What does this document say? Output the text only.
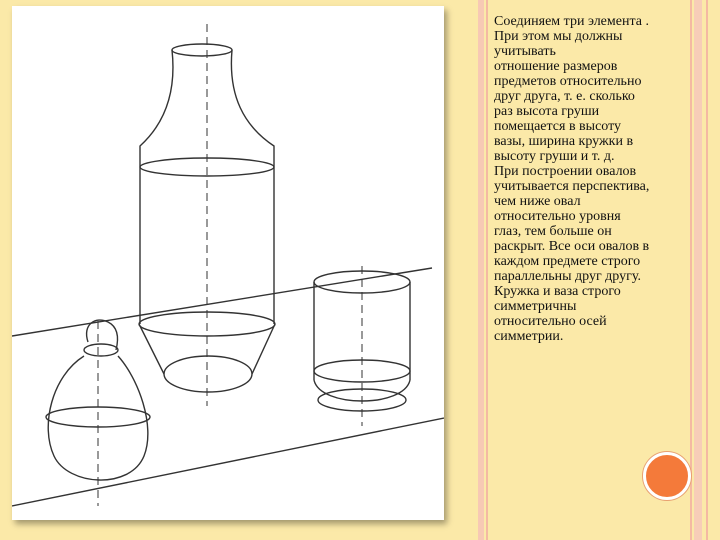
Соединяем три элемента .

При этом мы должны

учитывать

отношение размеров

предметов относительно

друг друга, т. е. сколько

раз высота груши

помещается в высоту

вазы, ширина кружки в

высоту груши и т. д.

При построении овалов

учитывается перспектива,

чем ниже овал

относительно уровня

глаз, тем больше он

раскрыт. Все оси овалов в

каждом предмете строго

параллельны друг другу.

Кружка и ваза строго

симметричны

относительно осей

симметрии.
